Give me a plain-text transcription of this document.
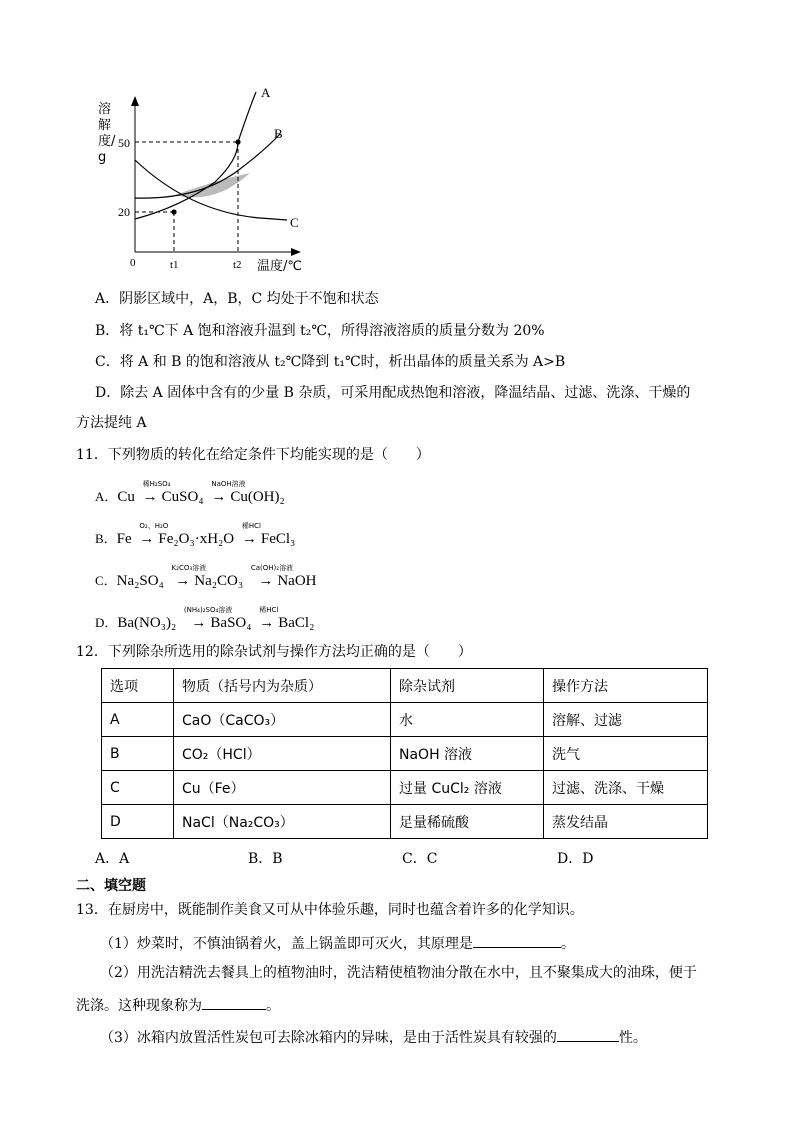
A
B
C
50
20
0	t1	t2 温度/℃
溶解度/g
A．阴影区域中，A，B，C 均处于不饱和状态
B．将 t₁℃下 A 饱和溶液升温到 t₂℃，所得溶液溶质的质量分数为 20%
C．将 A 和 B 的饱和溶液从 t₂℃降到 t₁℃时，析出晶体的质量关系为 A>B
D．除去 A 固体中含有的少量 B 杂质，可采用配成热饱和溶液，降温结晶、过滤、洗涤、干燥的
方法提纯 A
11．下列物质的转化在给定条件下均能实现的是（　　）
A．Cu
稀H₂SO₄
→ CuSO₄
NaOH溶液
→ Cu(OH)₂
B．Fe
O₂、H₂O
→ Fe₂O₃·xH₂O
稀HCl
→ FeCl₃
C．Na₂SO₄
K₂CO₃溶液
→ Na₂CO₃
Ca(OH)₂溶液
→ NaOH
D．Ba(NO₃)₂
(NH₄)₂SO₄溶液
→ BaSO₄
稀HCl
→ BaCl₂
12．下列除杂所选用的除杂试剂与操作方法均正确的是（　　）
选项	物质（括号内为杂质）	除杂试剂	操作方法
A	CaO（CaCO₃）	水	溶解、过滤
B	CO₂（HCl）	NaOH 溶液	洗气
C	Cu（Fe）	过量 CuCl₂ 溶液	过滤、洗涤、干燥
D	NaCl（Na₂CO₃）	足量稀硫酸	蒸发结晶
A．A	B．B	C．C	D．D
二、填空题
13．在厨房中，既能制作美食又可从中体验乐趣，同时也蕴含着许多的化学知识。
（1）炒菜时，不慎油锅着火，盖上锅盖即可灭火，其原理是	。
（2）用洗洁精洗去餐具上的植物油时，洗洁精使植物油分散在水中，且不聚集成大的油珠，便于
洗涤。这种现象称为	。
（3）冰箱内放置活性炭包可去除冰箱内的异味，是由于活性炭具有较强的	性。
